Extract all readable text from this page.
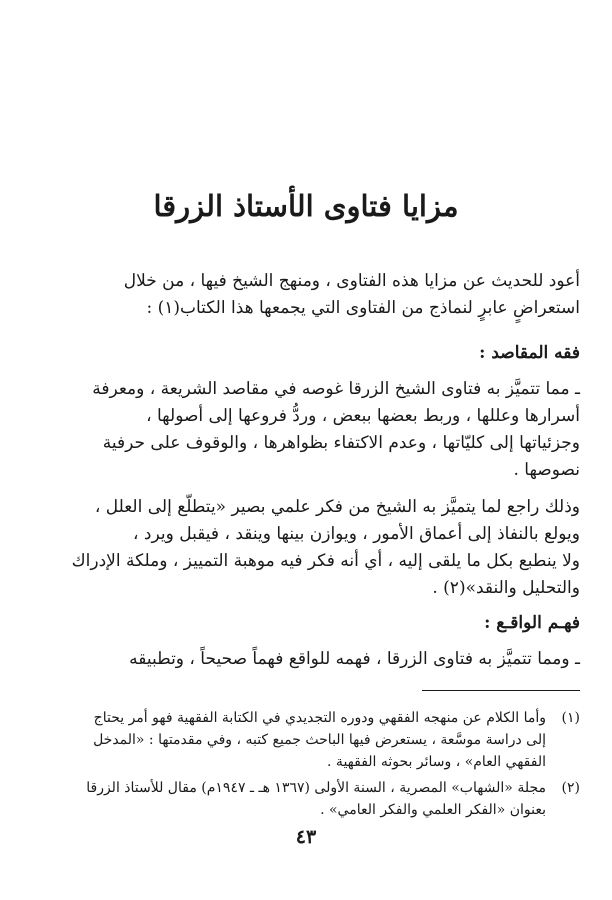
مزايا فتاوى الأستاذ الزرقا

أعود للحديث عن مزايا هذه الفتاوى ، ومنهج الشيخ فيها ، من خلال

استعراضٍ عابرٍ لنماذج من الفتاوى التي يجمعها هذا الكتاب(١) :

فقه المقاصد :

ـ مما تتميَّز به فتاوى الشيخ الزرقا غوصه في مقاصد الشريعة ، ومعرفة

أسرارها وعللها ، وربط بعضها ببعض ، وردُّ فروعها إلى أصولها ،

وجزئياتها إلى كليّاتها ، وعدم الاكتفاء بظواهرها ، والوقوف على حرفية

نصوصها .

وذلك راجع لما يتميَّز به الشيخ من فكر علمي بصير «يتطلّع إلى العلل ،

ويولع بالنفاذ إلى أعماق الأمور ، ويوازن بينها وينقد ، فيقبل ويرد ،

ولا ينطبع بكل ما يلقى إليه ، أي أنه فكر فيه موهبة التمييز ، وملكة الإدراك

والتحليل والنقد»(٢) .

فهـم الواقـع :

ـ ومما تتميَّز به فتاوى الزرقا ، فهمه للواقع فهماً صحيحاً ، وتطبيقه

(١)
وأما الكلام عن منهجه الفقهي ودوره التجديدي في الكتابة الفقهية فهو أمر يحتاج
إلى دراسة موسَّعة ، يستعرض فيها الباحث جميع كتبه ، وفي مقدمتها : «المدخل
الفقهي العام» ، وسائر بحوثه الفقهية .
(٢)
مجلة «الشهاب» المصرية ، السنة الأولى (١٣٦٧ هـ ـ ١٩٤٧م) مقال للأستاذ الزرقا
بعنوان «الفكر العلمي والفكر العامي» .
٤٣
